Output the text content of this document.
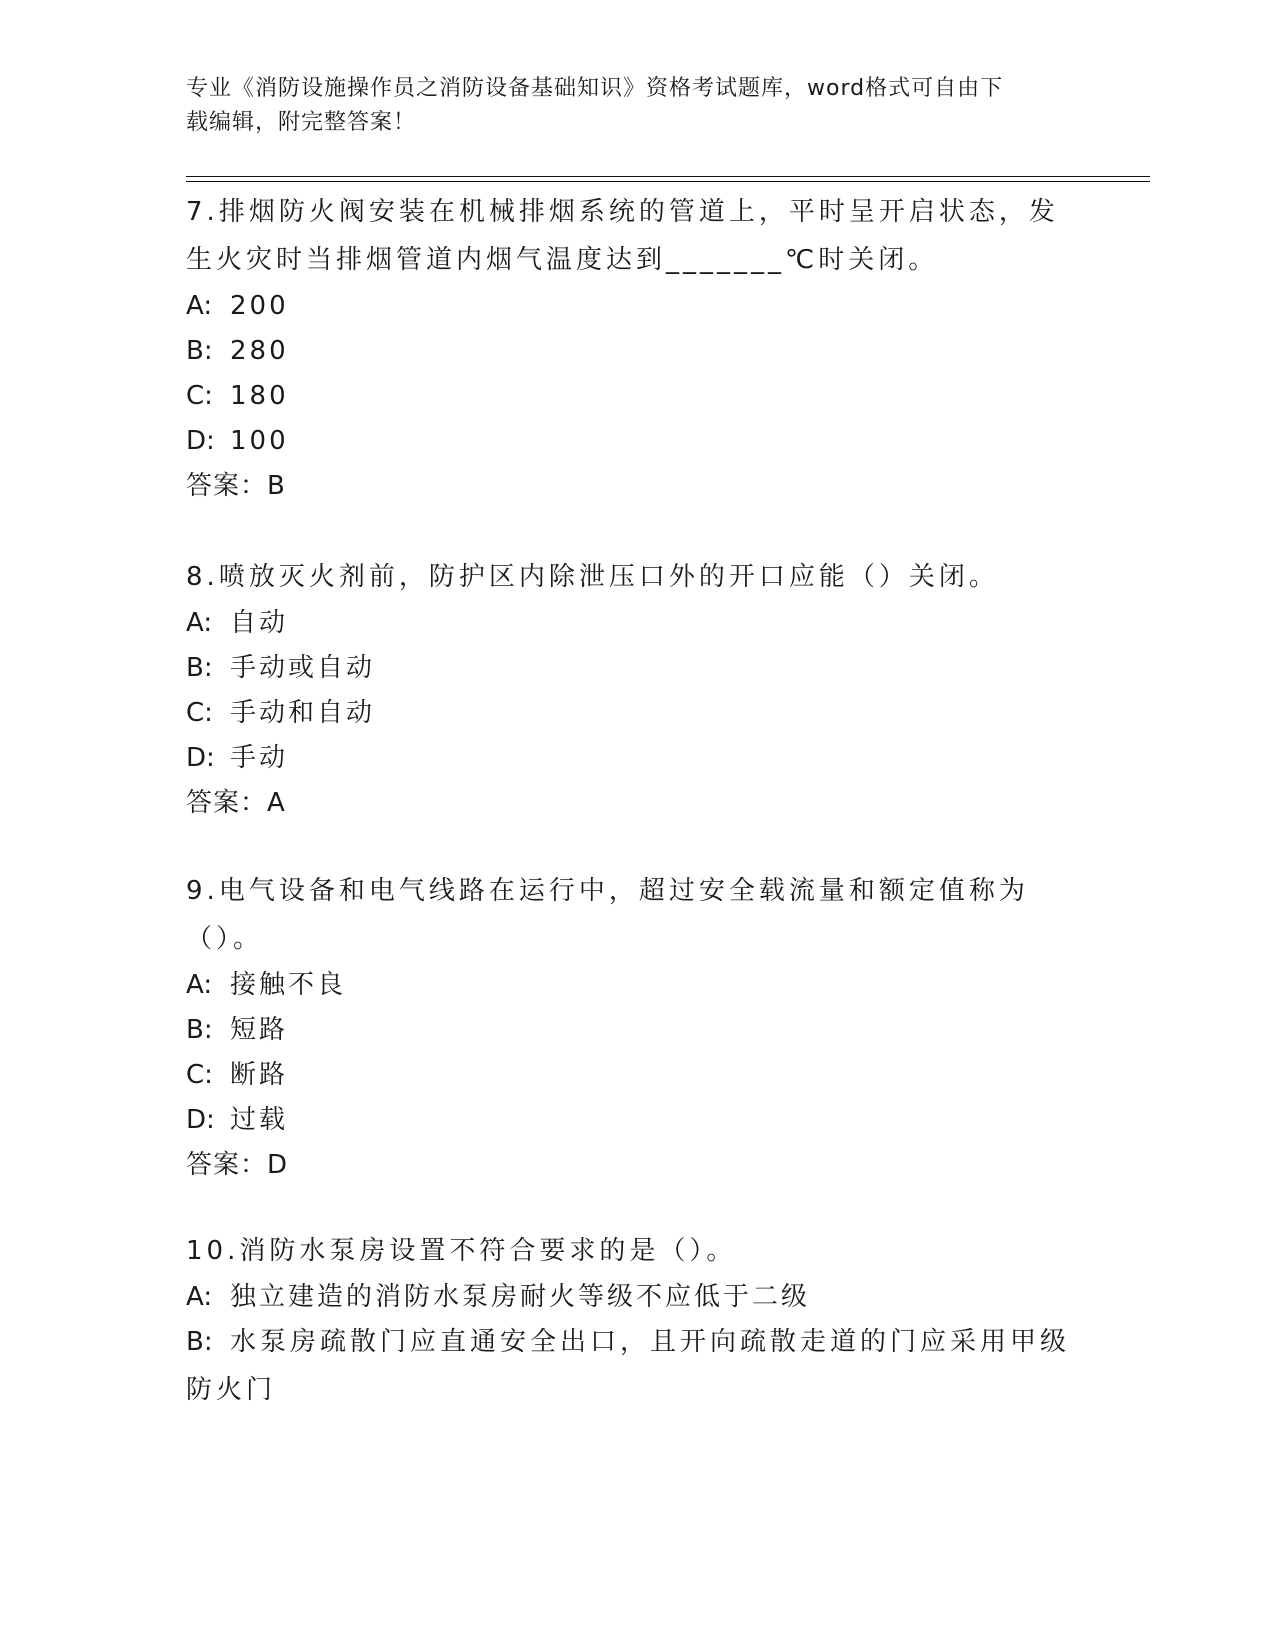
专业《消防设施操作员之消防设备基础知识》资格考试题库，word格式可自由下
载编辑，附完整答案！

7.排烟防火阀安装在机械排烟系统的管道上，平时呈开启状态，发生火灾时当排烟管道内烟气温度达到_______℃时关闭。

A: 200
B: 280
C: 180
D: 100
答案：B

8.喷放灭火剂前，防护区内除泄压口外的开口应能（）关闭。

A: 自动
B: 手动或自动
C: 手动和自动
D: 手动
答案：A

9.电气设备和电气线路在运行中，超过安全载流量和额定值称为（）。

A: 接触不良
B: 短路
C: 断路
D: 过载
答案：D

10.消防水泵房设置不符合要求的是（）。

A: 独立建造的消防水泵房耐火等级不应低于二级

B: 水泵房疏散门应直通安全出口，且开向疏散走道的门应采用甲级防火门
